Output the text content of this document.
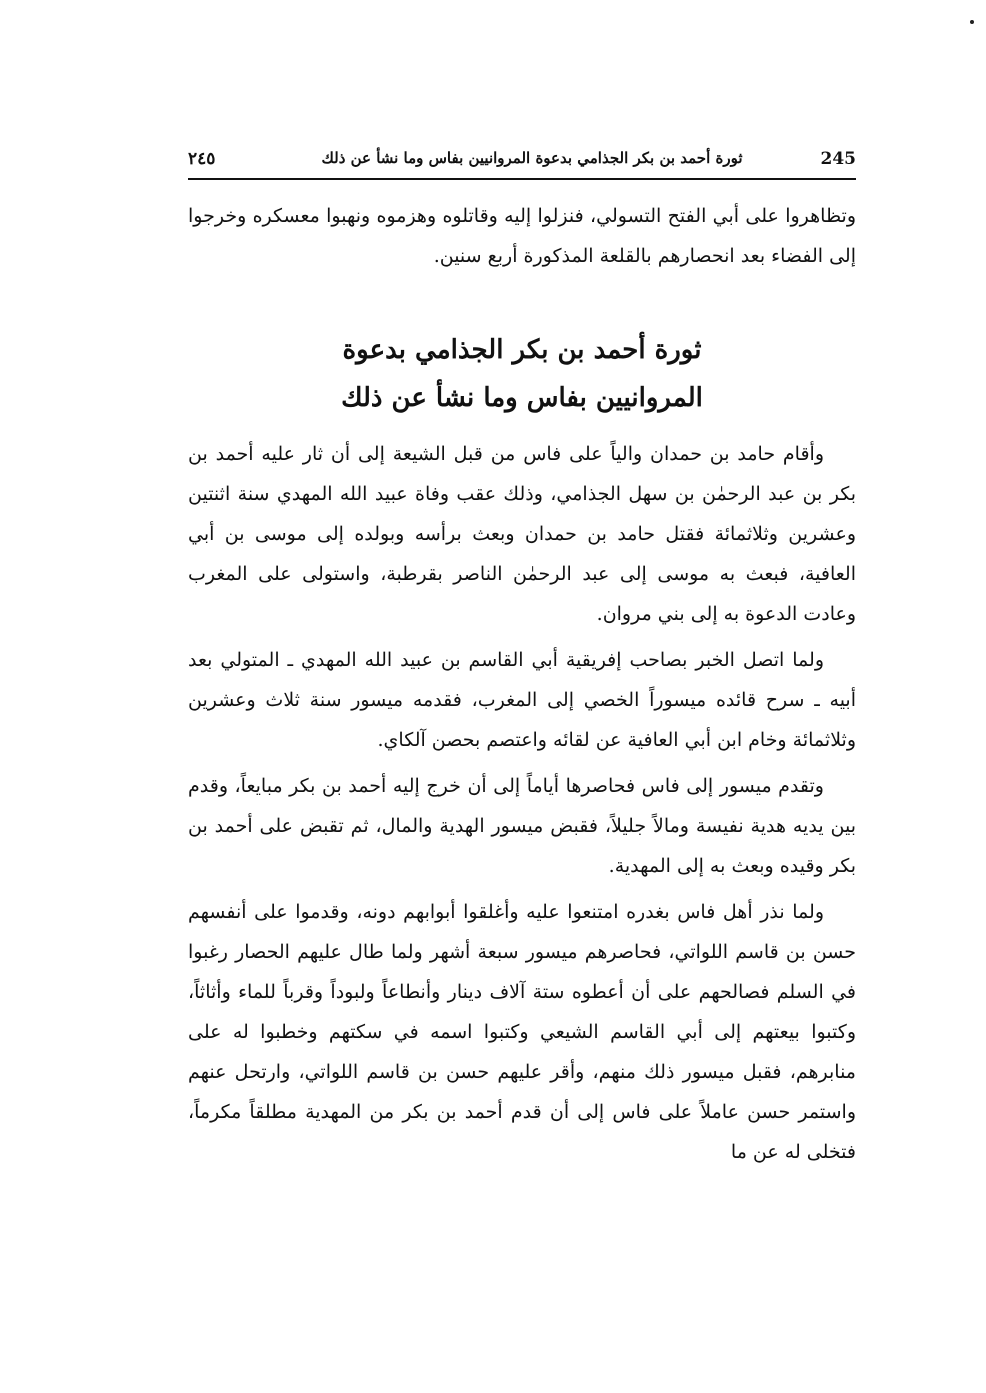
245
ثورة أحمد بن بكر الجذامي بدعوة المروانيين بفاس وما نشأ عن ذلك
٢٤٥

وتظاهروا على أبي الفتح التسولي، فنزلوا إليه وقاتلوه وهزموه ونهبوا معسكره وخرجوا إلى الفضاء بعد انحصارهم بالقلعة المذكورة أربع سنين.

ثورة أحمد بن بكر الجذامي بدعوة
المروانيين بفاس وما نشأ عن ذلك

وأقام حامد بن حمدان والياً على فاس من قبل الشيعة إلى أن ثار عليه أحمد بن بكر بن عبد الرحمٰن بن سهل الجذامي، وذلك عقب وفاة عبيد الله المهدي سنة اثنتين وعشرين وثلاثمائة فقتل حامد بن حمدان وبعث برأسه وبولده إلى موسى بن أبي العافية، فبعث به موسى إلى عبد الرحمٰن الناصر بقرطبة، واستولى على المغرب وعادت الدعوة به إلى بني مروان.

ولما اتصل الخبر بصاحب إفريقية أبي القاسم بن عبيد الله المهدي ـ المتولي بعد أبيه ـ سرح قائده ميسوراً الخصي إلى المغرب، فقدمه ميسور سنة ثلاث وعشرين وثلاثمائة وخام ابن أبي العافية عن لقائه واعتصم بحصن آلكاي.

وتقدم ميسور إلى فاس فحاصرها أياماً إلى أن خرج إليه أحمد بن بكر مبايعاً، وقدم بين يديه هدية نفيسة ومالاً جليلاً، فقبض ميسور الهدية والمال، ثم تقبض على أحمد بن بكر وقيده وبعث به إلى المهدية.

ولما نذر أهل فاس بغدره امتنعوا عليه وأغلقوا أبوابهم دونه، وقدموا على أنفسهم حسن بن قاسم اللواتي، فحاصرهم ميسور سبعة أشهر ولما طال عليهم الحصار رغبوا في السلم فصالحهم على أن أعطوه ستة آلاف دينار وأنطاعاً ولبوداً وقرباً للماء وأثاثاً، وكتبوا بيعتهم إلى أبي القاسم الشيعي وكتبوا اسمه في سكتهم وخطبوا له على منابرهم، فقبل ميسور ذلك منهم، وأقر عليهم حسن بن قاسم اللواتي، وارتحل عنهم واستمر حسن عاملاً على فاس إلى أن قدم أحمد بن بكر من المهدية مطلقاً مكرماً، فتخلى له عن ما
